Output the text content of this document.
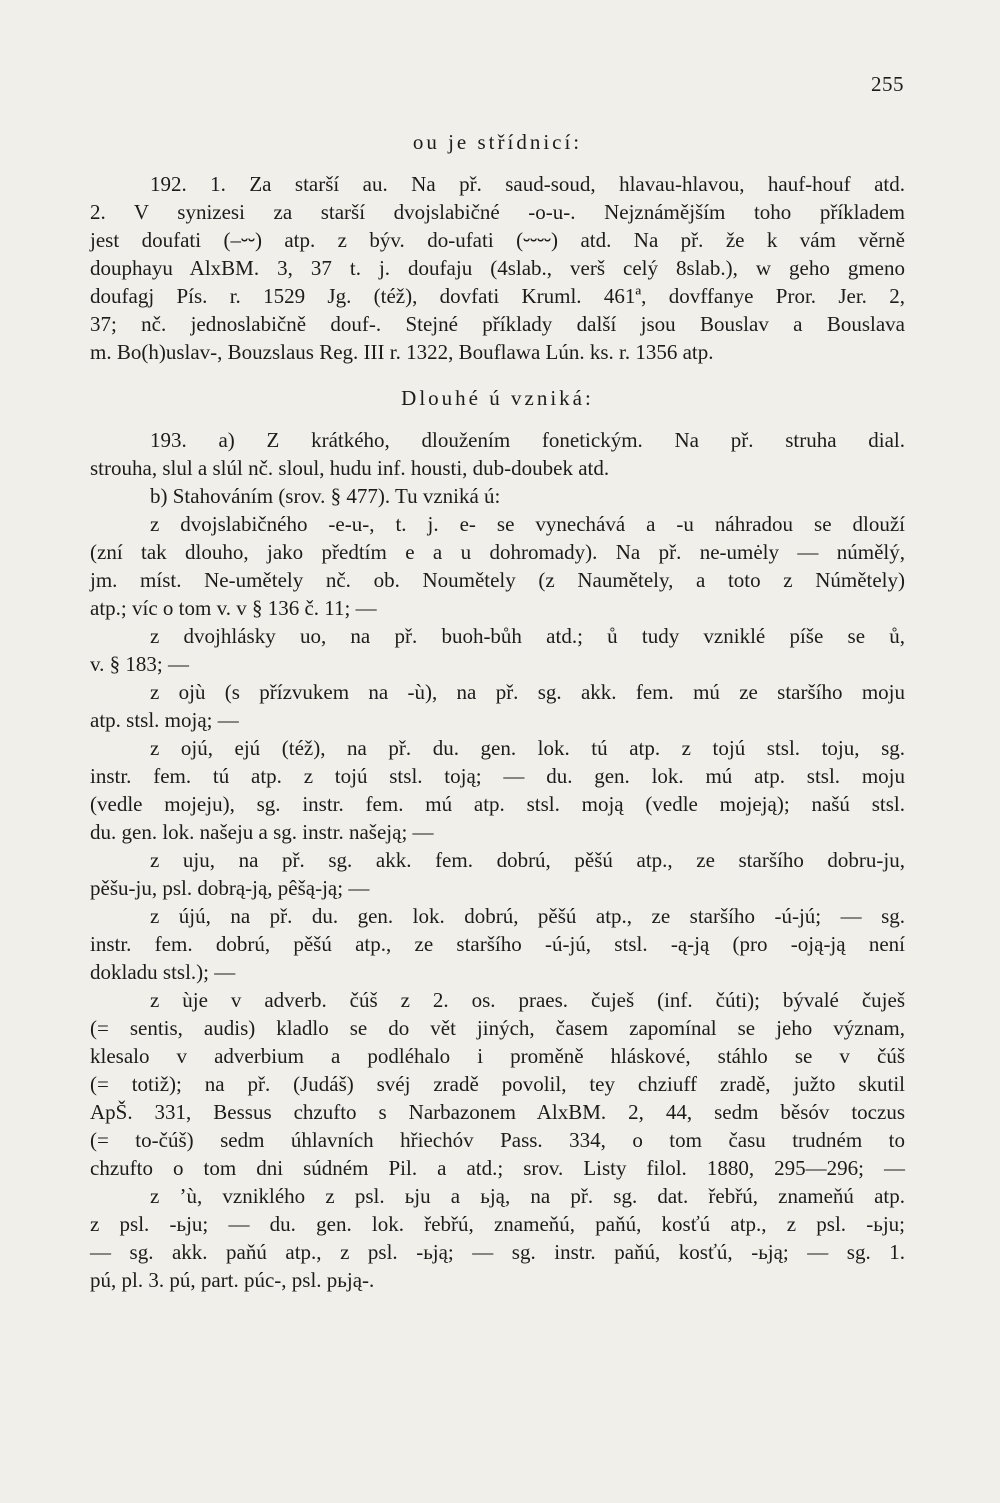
255

ou je střídnicí:

192. 1. Za starší au. Na př. saud-soud, hlavau-hlavou, hauf-houf atd.
2. V synizesi za starší dvojslabičné -o-u-. Nejznámějším toho příkladem
jest doufati (–⏑⏑) atp. z býv. do-ufati (⏑⏑⏑⏑) atd. Na př. že k vám věrně
douphayu AlxBM. 3, 37 t. j. doufaju (4slab., verš celý 8slab.), w geho gmeno
doufagj Pís. r. 1529 Jg. (též), dovfati Kruml. 461ª, dovffanye Pror. Jer. 2,
37; nč. jednoslabičně douf-. Stejné příklady další jsou Bouslav a Bouslava
m. Bo(h)uslav-, Bouzslaus Reg. III r. 1322, Bouflawa Lún. ks. r. 1356 atp.

Dlouhé ú vzniká:

193. a) Z krátkého, dloužením fonetickým. Na př. struha dial.
strouha, slul a slúl nč. sloul, hudu inf. housti, dub-doubek atd.
b) Stahováním (srov. § 477). Tu vzniká ú:
z dvojslabičného -e-u-, t. j. e- se vynechává a -u náhradou se dlouží
(zní tak dlouho, jako předtím e a u dohromady). Na př. ne-umėly — númělý,
jm. míst. Ne-umětely nč. ob. Noumětely (z Naumětely, a toto z Númětely)
atp.; víc o tom v. v § 136 č. 11; —
z dvojhlásky uo, na př. buoh-bůh atd.; ů tudy vzniklé píše se ů,
v. § 183; —
z ojù (s přízvukem na -ù), na př. sg. akk. fem. mú ze staršího moju
atp. stsl. moją; —
z ojú, ejú (též), na př. du. gen. lok. tú atp. z tojú stsl. toju, sg.
instr. fem. tú atp. z tojú stsl. toją; — du. gen. lok. mú atp. stsl. moju
(vedle mojeju), sg. instr. fem. mú atp. stsl. moją (vedle mojeją); našú stsl.
du. gen. lok. našeju a sg. instr. našeją; —
z uju, na př. sg. akk. fem. dobrú, pěšú atp., ze staršího dobru-ju,
pěšu-ju, psl. dobrą-ją, pêšą-ją; —
z újú, na př. du. gen. lok. dobrú, pěšú atp., ze staršího -ú-jú; — sg.
instr. fem. dobrú, pěšú atp., ze staršího -ú-jú, stsl. -ą-ją (pro -oją-ją není
dokladu stsl.); —
z ùje v adverb. čúš z 2. os. praes. čuješ (inf. čúti); bývalé čuješ
(= sentis, audis) kladlo se do vět jiných, časem zapomínal se jeho význam,
klesalo v adverbium a podléhalo i proměně hláskové, stáhlo se v čúš
(= totiž); na př. (Judáš) svéj zradě povolil, tey chziuff zradě, južto skutil
ApŠ. 331, Bessus chzufto s Narbazonem AlxBM. 2, 44, sedm běsóv toczus
(= to-čúš) sedm úhlavních hřiechóv Pass. 334, o tom času trudném to
chzufto o tom dni súdném Pil. a atd.; srov. Listy filol. 1880, 295—296; —
z ʼù, vzniklého z psl. ьju a ьją, na př. sg. dat. řebřú, znameňú atp.
z psl. -ьju; — du. gen. lok. řebřú, znameňú, paňú, kosťú atp., z psl. -ьju;
— sg. akk. paňú atp., z psl. -ьją; — sg. instr. paňú, kosťú, -ьją; — sg. 1.
pú, pl. 3. pú, part. púc-, psl. pьją-.
